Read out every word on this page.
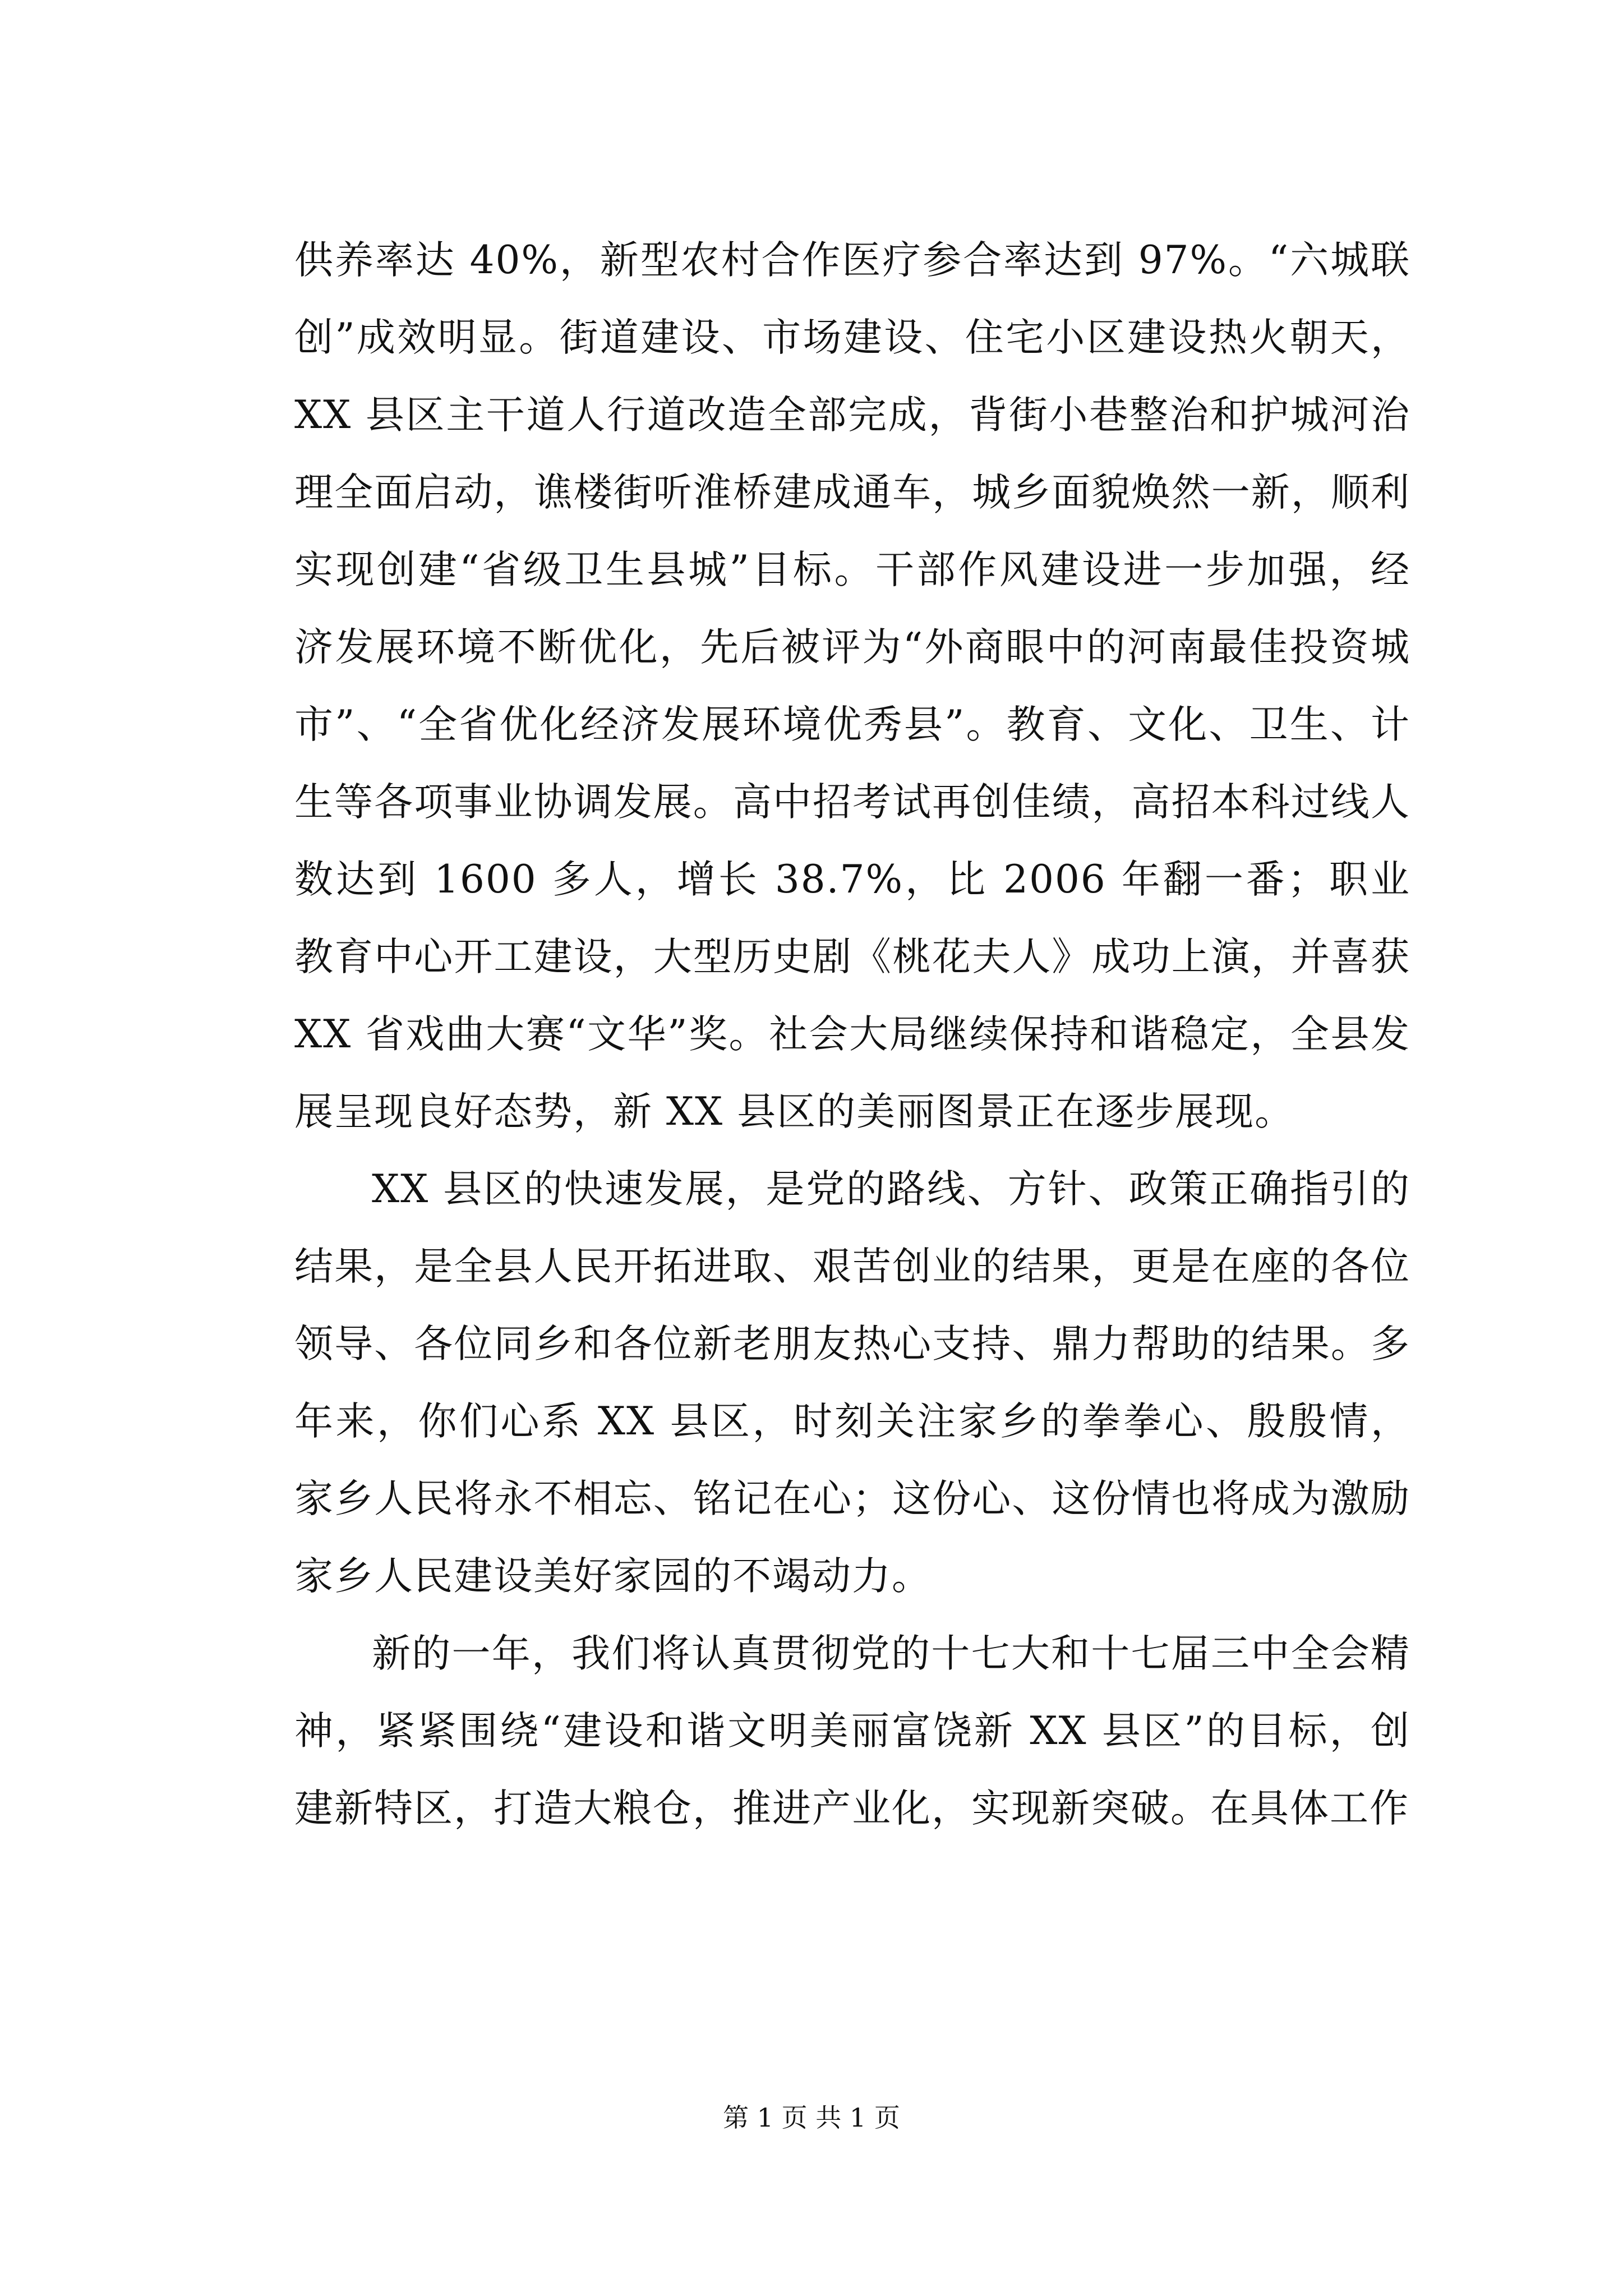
供养率达 40%，新型农村合作医疗参合率达到 97%。“六城联创”成效明显。街道建设、市场建设、住宅小区建设热火朝天，XX 县区主干道人行道改造全部完成，背街小巷整治和护城河治理全面启动，谯楼街听淮桥建成通车，城乡面貌焕然一新，顺利实现创建“省级卫生县城”目标。干部作风建设进一步加强，经济发展环境不断优化，先后被评为“外商眼中的河南最佳投资城市”、“全省优化经济发展环境优秀县”。教育、文化、卫生、计生等各项事业协调发展。高中招考试再创佳绩，高招本科过线人数达到 1600 多人，增长 38.7%，比 2006 年翻一番；职业教育中心开工建设，大型历史剧《桃花夫人》成功上演，并喜获 XX 省戏曲大赛“文华”奖。社会大局继续保持和谐稳定，全县发展呈现良好态势，新 XX 县区的美丽图景正在逐步展现。

XX 县区的快速发展，是党的路线、方针、政策正确指引的结果，是全县人民开拓进取、艰苦创业的结果，更是在座的各位领导、各位同乡和各位新老朋友热心支持、鼎力帮助的结果。多年来，你们心系 XX 县区，时刻关注家乡的拳拳心、殷殷情，家乡人民将永不相忘、铭记在心；这份心、这份情也将成为激励家乡人民建设美好家园的不竭动力。

新的一年，我们将认真贯彻党的十七大和十七届三中全会精神，紧紧围绕“建设和谐文明美丽富饶新 XX 县区”的目标，创建新特区，打造大粮仓，推进产业化，实现新突破。在具体工作

第 1 页 共 1 页
